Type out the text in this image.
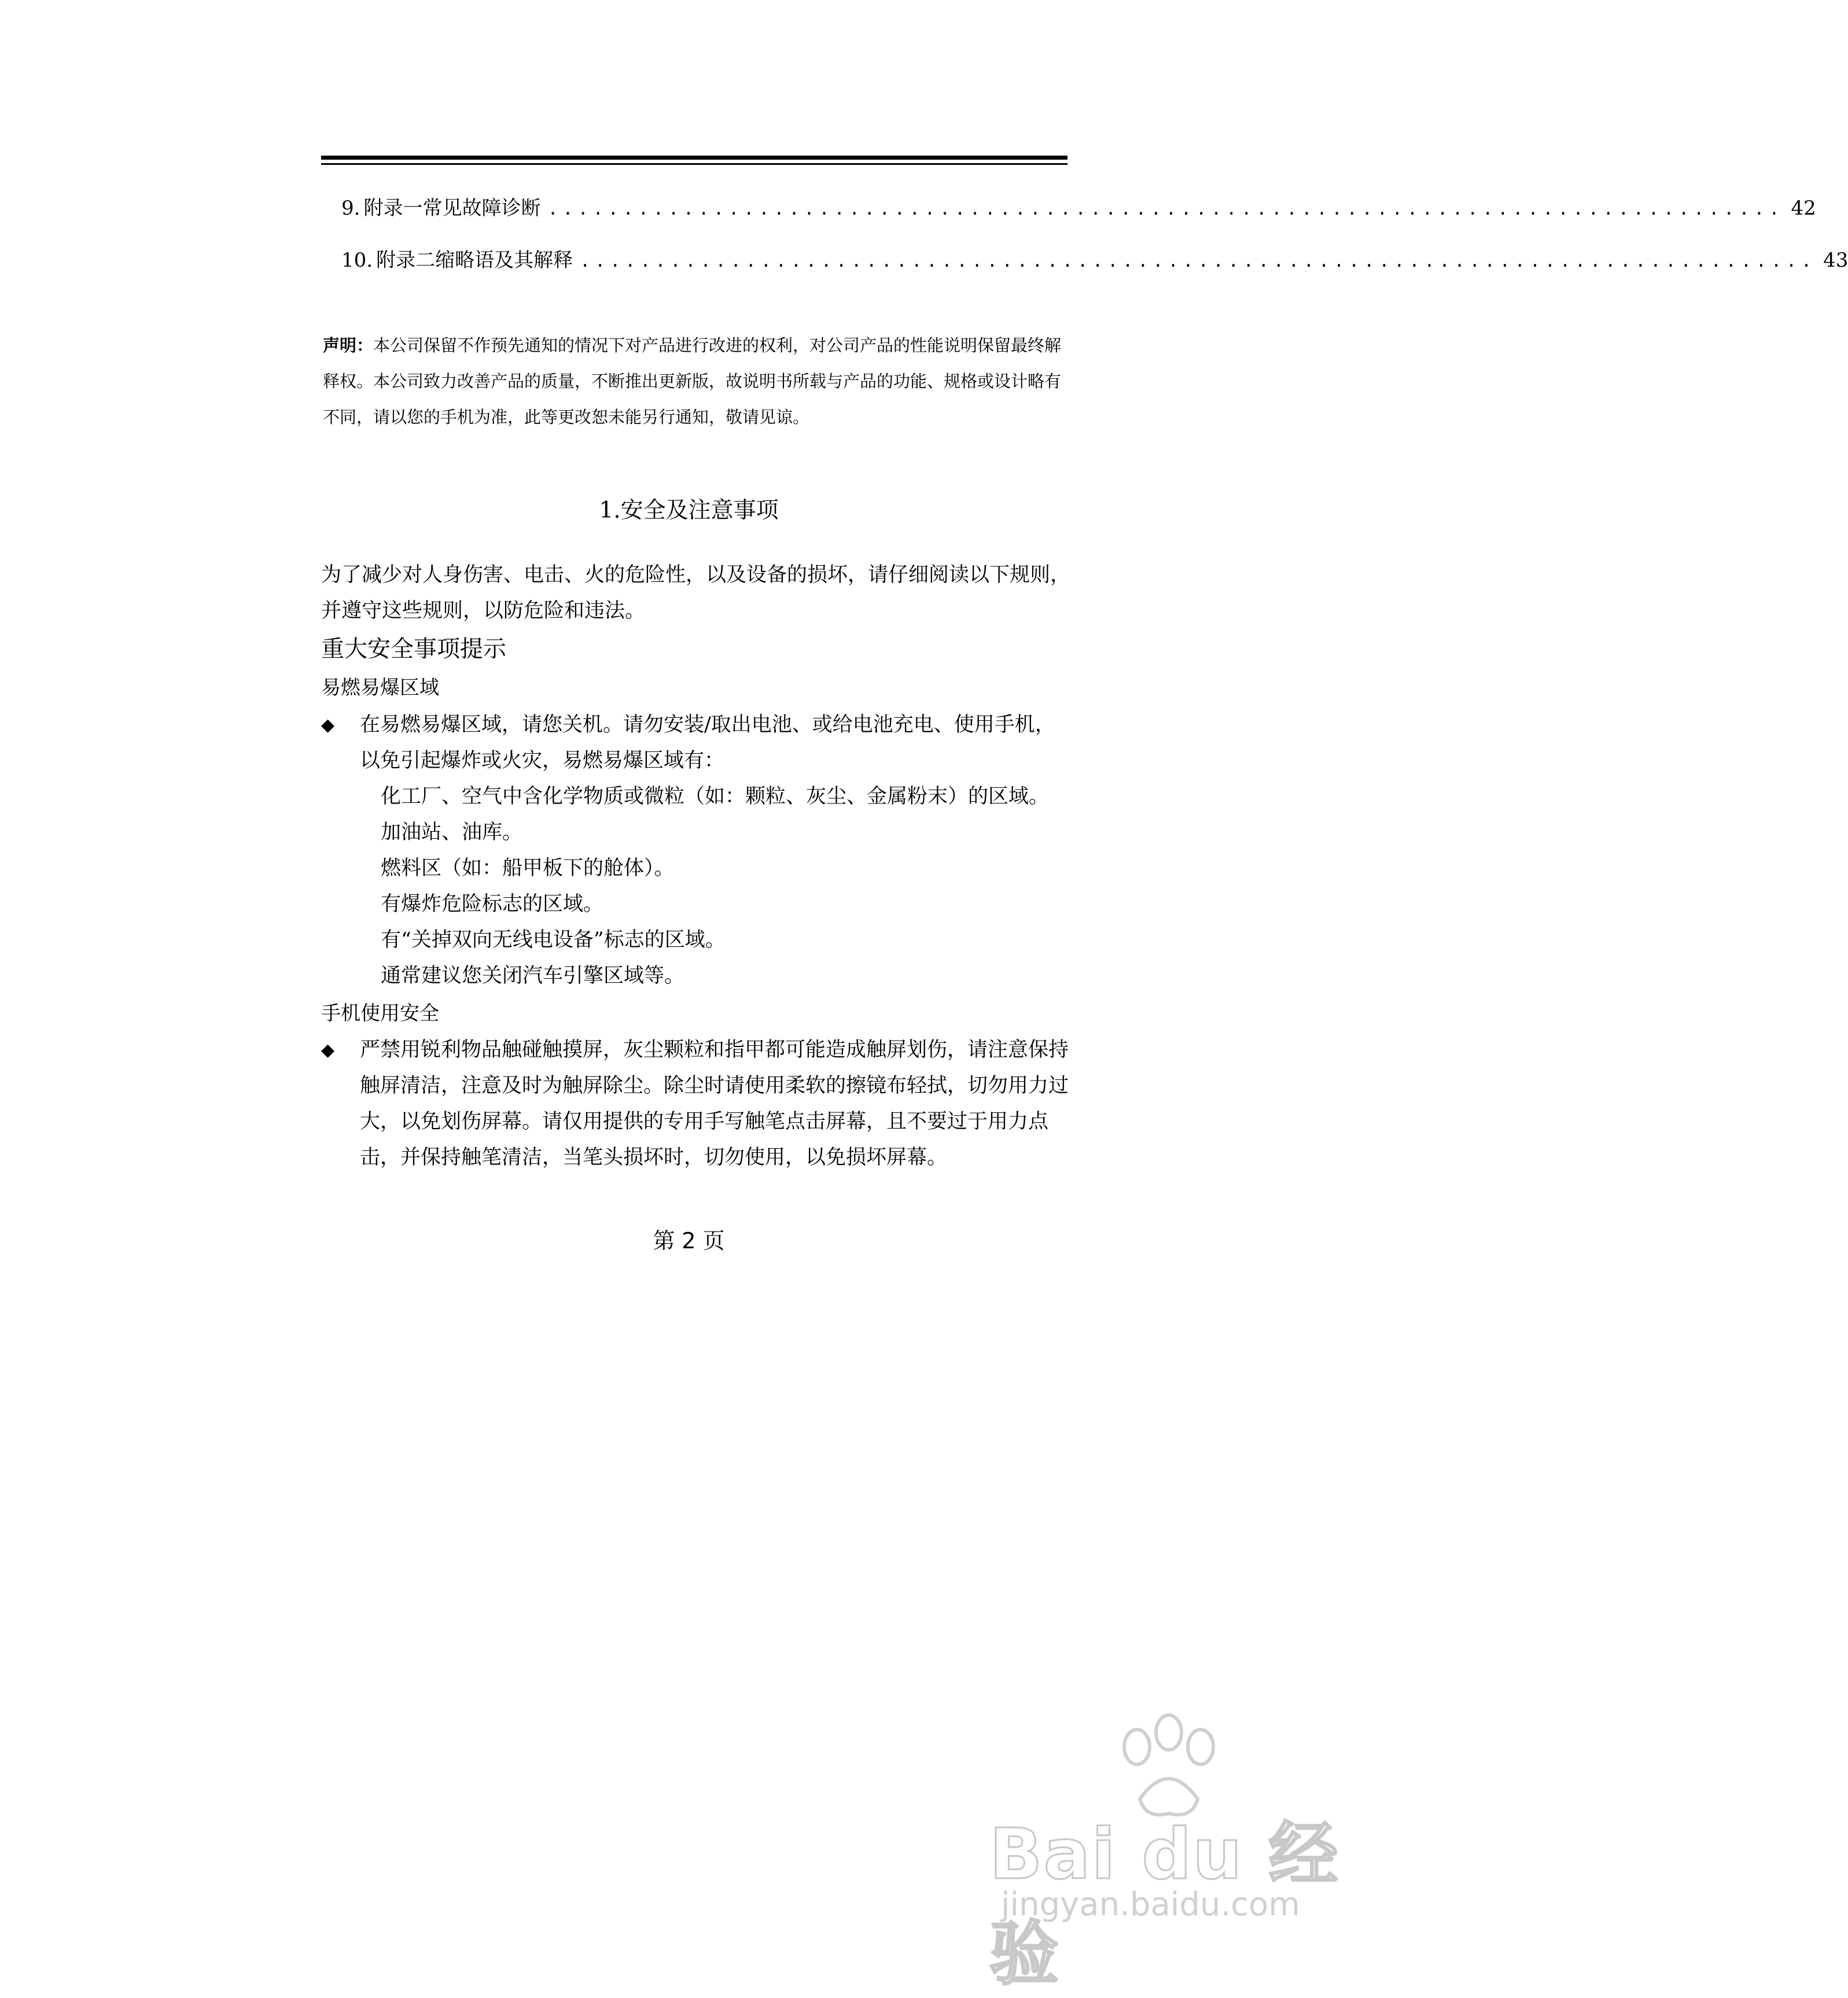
9. 附录一 常见故障诊断 .................................................................................. 42
10. 附录二 缩略语及其解释 .................................................................................. 43
声明：本公司保留不作预先通知的情况下对产品进行改进的权利，对公司产品的性能说明保留最终解释权。本公司致力改善产品的质量，不断推出更新版，故说明书所载与产品的功能、规格或设计略有不同，请以您的手机为准，此等更改恕未能另行通知，敬请见谅。
1.安全及注意事项
为了减少对人身伤害、电击、火的危险性，以及设备的损坏，请仔细阅读以下规则，并遵守这些规则，以防危险和违法。
重大安全事项提示
易燃易爆区域
◆ 在易燃易爆区域，请您关机。请勿安装/取出电池、或给电池充电、使用手机，以免引起爆炸或火灾，易燃易爆区域有：
化工厂、空气中含化学物质或微粒（如：颗粒、灰尘、金属粉末）的区域。
加油站、油库。
燃料区（如：船甲板下的舱体）。
有爆炸危险标志的区域。
有“关掉双向无线电设备”标志的区域。
通常建议您关闭汽车引擎区域等。
手机使用安全
◆ 严禁用锐利物品触碰触摸屏，灰尘颗粒和指甲都可能造成触屏划伤，请注意保持触屏清洁，注意及时为触屏除尘。除尘时请使用柔软的擦镜布轻拭，切勿用力过大，以免划伤屏幕。请仅用提供的专用手写触笔点击屏幕，且不要过于用力点击，并保持触笔清洁，当笔头损坏时，切勿使用，以免损坏屏幕。
第 2 页
Bai du 经验
jingyan.baidu.com
